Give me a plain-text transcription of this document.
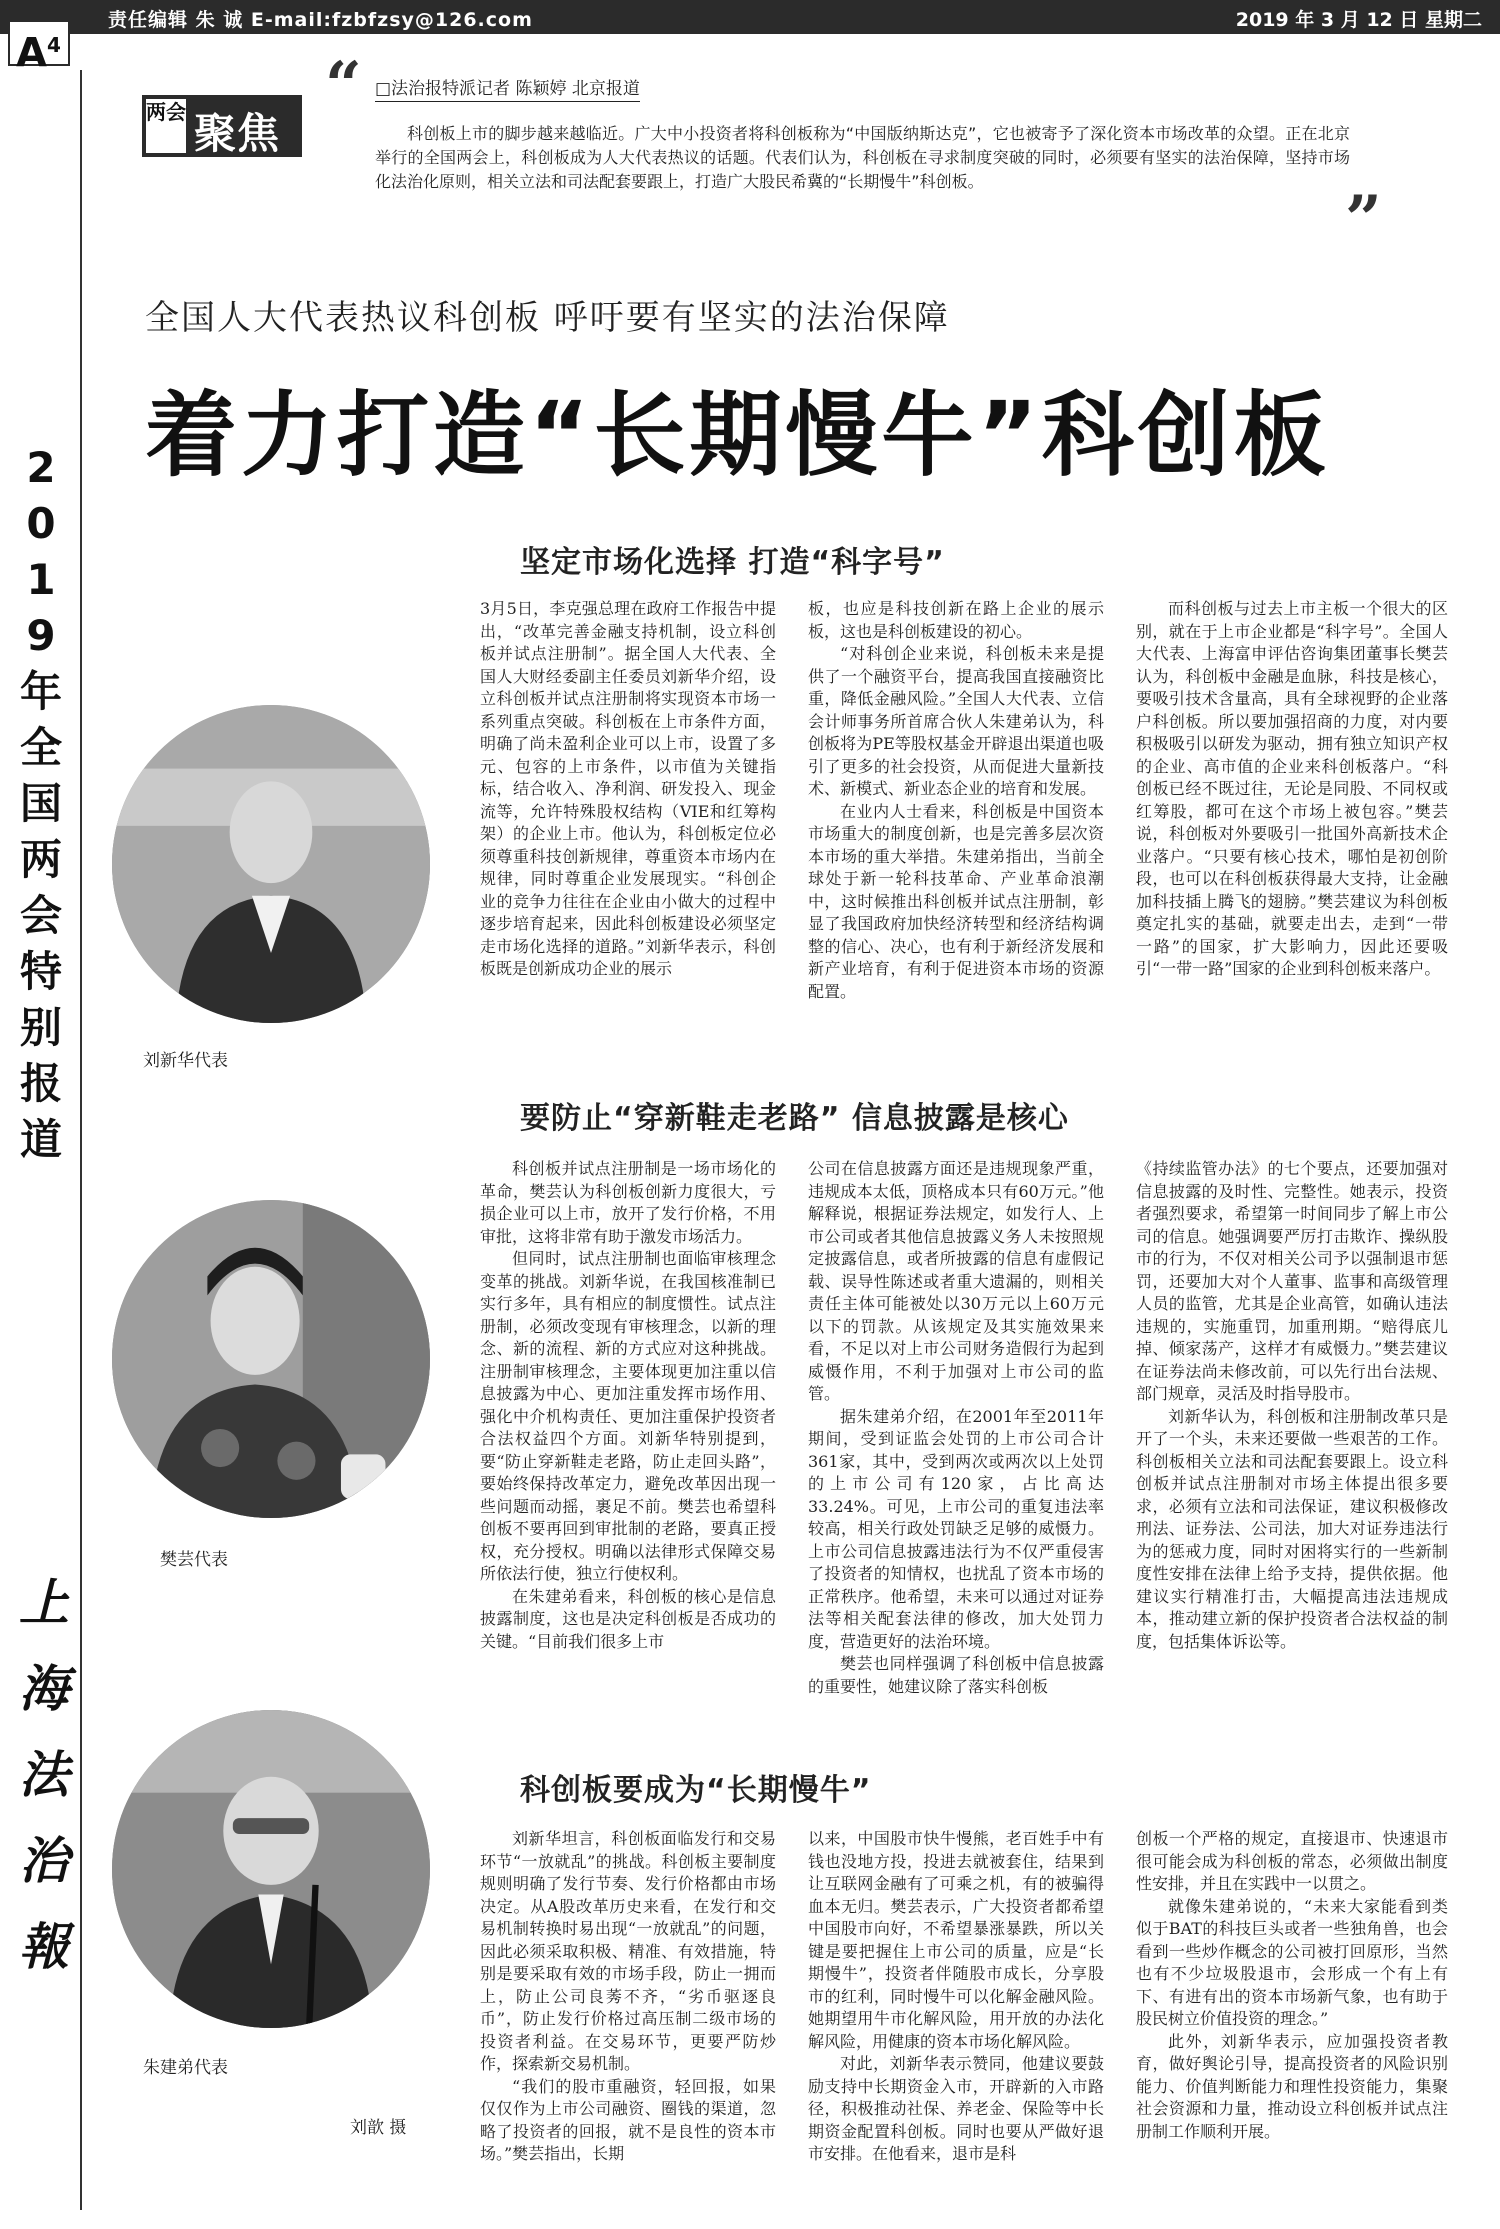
责任编辑 朱 诚 E-mail:fzbfzsy@126.com	2019 年 3 月 12 日 星期二
$A^4$
2
0
1
9
年
全
国
两
会
特
别
报
道
上
海
法
治
報
两会 聚焦
“
”
□法治报特派记者 陈颖婷 北京报道
科创板上市的脚步越来越临近。广大中小投资者将科创板称为“中国版纳斯达克”，它也被寄予了深化资本市场改革的众望。正在北京举行的全国两会上，科创板成为人大代表热议的话题。代表们认为，科创板在寻求制度突破的同时，必须要有坚实的法治保障，坚持市场化法治化原则，相关立法和司法配套要跟上，打造广大股民希冀的“长期慢牛”科创板。
全国人大代表热议科创板 呼吁要有坚实的法治保障
着力打造“长期慢牛”科创板
坚定市场化选择 打造“科字号”
刘新华代表

3月5日，李克强总理在政府工作报告中提出，“改革完善金融支持机制，设立科创板并试点注册制”。据全国人大代表、全国人大财经委副主任委员刘新华介绍，设立科创板并试点注册制将实现资本市场一系列重点突破。科创板在上市条件方面，明确了尚未盈利企业可以上市，设置了多元、包容的上市条件，以市值为关键指标，结合收入、净利润、研发投入、现金流等，允许特殊股权结构（VIE和红筹构架）的企业上市。他认为，科创板定位必须尊重科技创新规律，尊重资本市场内在规律，同时尊重企业发展现实。“科创企业的竞争力往往在企业由小做大的过程中逐步培育起来，因此科创板建设必须坚定走市场化选择的道路。”刘新华表示，科创板既是创新成功企业的展示

板，也应是科技创新在路上企业的展示板，这也是科创板建设的初心。

“对科创企业来说，科创板未来是提供了一个融资平台，提高我国直接融资比重，降低金融风险。”全国人大代表、立信会计师事务所首席合伙人朱建弟认为，科创板将为PE等股权基金开辟退出渠道也吸引了更多的社会投资，从而促进大量新技术、新模式、新业态企业的培育和发展。

在业内人士看来，科创板是中国资本市场重大的制度创新，也是完善多层次资本市场的重大举措。朱建弟指出，当前全球处于新一轮科技革命、产业革命浪潮中，这时候推出科创板并试点注册制，彰显了我国政府加快经济转型和经济结构调整的信心、决心，也有利于新经济发展和新产业培育，有利于促进资本市场的资源配置。

而科创板与过去上市主板一个很大的区别，就在于上市企业都是“科字号”。全国人大代表、上海富申评估咨询集团董事长樊芸认为，科创板中金融是血脉，科技是核心，要吸引技术含量高，具有全球视野的企业落户科创板。所以要加强招商的力度，对内要积极吸引以研发为驱动，拥有独立知识产权的企业、高市值的企业来科创板落户。“科创板已经不既过往，无论是同股、不同权或红筹股，都可在这个市场上被包容。”樊芸说，科创板对外要吸引一批国外高新技术企业落户。“只要有核心技术，哪怕是初创阶段，也可以在科创板获得最大支持，让金融加科技插上腾飞的翅膀。”樊芸建议为科创板奠定扎实的基础，就要走出去，走到“一带一路”的国家，扩大影响力，因此还要吸引“一带一路”国家的企业到科创板来落户。

要防止“穿新鞋走老路” 信息披露是核心
樊芸代表

科创板并试点注册制是一场市场化的革命，樊芸认为科创板创新力度很大，亏损企业可以上市，放开了发行价格，不用审批，这将非常有助于激发市场活力。

但同时，试点注册制也面临审核理念变革的挑战。刘新华说，在我国核准制已实行多年，具有相应的制度惯性。试点注册制，必须改变现有审核理念，以新的理念、新的流程、新的方式应对这种挑战。注册制审核理念，主要体现更加注重以信息披露为中心、更加注重发挥市场作用、强化中介机构责任、更加注重保护投资者合法权益四个方面。刘新华特别提到，要“防止穿新鞋走老路，防止走回头路”，要始终保持改革定力，避免改革因出现一些问题而动摇，裹足不前。樊芸也希望科创板不要再回到审批制的老路，要真正授权，充分授权。明确以法律形式保障交易所依法行使，独立行使权利。

在朱建弟看来，科创板的核心是信息披露制度，这也是决定科创板是否成功的关键。“目前我们很多上市

公司在信息披露方面还是违规现象严重，违规成本太低，顶格成本只有60万元。”他解释说，根据证券法规定，如发行人、上市公司或者其他信息披露义务人未按照规定披露信息，或者所披露的信息有虚假记载、误导性陈述或者重大遗漏的，则相关责任主体可能被处以30万元以上60万元以下的罚款。从该规定及其实施效果来看，不足以对上市公司财务造假行为起到威慑作用，不利于加强对上市公司的监管。

据朱建弟介绍，在2001年至2011年期间，受到证监会处罚的上市公司合计361家，其中，受到两次或两次以上处罚的上市公司有120家，占比高达33.24%。可见，上市公司的重复违法率较高，相关行政处罚缺乏足够的威慑力。上市公司信息披露违法行为不仅严重侵害了投资者的知情权，也扰乱了资本市场的正常秩序。他希望，未来可以通过对证券法等相关配套法律的修改，加大处罚力度，营造更好的法治环境。

樊芸也同样强调了科创板中信息披露的重要性，她建议除了落实科创板

《持续监管办法》的七个要点，还要加强对信息披露的及时性、完整性。她表示，投资者强烈要求，希望第一时间同步了解上市公司的信息。她强调要严厉打击欺诈、操纵股市的行为，不仅对相关公司予以强制退市惩罚，还要加大对个人董事、监事和高级管理人员的监管，尤其是企业高管，如确认违法违规的，实施重罚，加重刑期。“赔得底儿掉、倾家荡产，这样才有威慑力。”樊芸建议在证券法尚未修改前，可以先行出台法规、部门规章，灵活及时指导股市。

刘新华认为，科创板和注册制改革只是开了一个头，未来还要做一些艰苦的工作。科创板相关立法和司法配套要跟上。设立科创板并试点注册制对市场主体提出很多要求，必须有立法和司法保证，建议积极修改刑法、证券法、公司法，加大对证券违法行为的惩戒力度，同时对困将实行的一些新制度性安排在法律上给予支持，提供依据。他建议实行精准打击，大幅提高违法违规成本，推动建立新的保护投资者合法权益的制度，包括集体诉讼等。

科创板要成为“长期慢牛”
朱建弟代表
刘歆 摄

刘新华坦言，科创板面临发行和交易环节“一放就乱”的挑战。科创板主要制度规则明确了发行节奏、发行价格都由市场决定。从A股改革历史来看，在发行和交易机制转换时易出现“一放就乱”的问题，因此必须采取积极、精准、有效措施，特别是要采取有效的市场手段，防止一拥而上，防止公司良莠不齐，“劣币驱逐良币”，防止发行价格过高压制二级市场的投资者利益。在交易环节，更要严防炒作，探索新交易机制。

“我们的股市重融资，轻回报，如果仅仅作为上市公司融资、圈钱的渠道，忽略了投资者的回报，就不是良性的资本市场。”樊芸指出，长期

以来，中国股市快牛慢熊，老百姓手中有钱也没地方投，投进去就被套住，结果到让互联网金融有了可乘之机，有的被骗得血本无归。樊芸表示，广大投资者都希望中国股市向好，不希望暴涨暴跌，所以关键是要把握住上市公司的质量，应是“长期慢牛”，投资者伴随股市成长，分享股市的红利，同时慢牛可以化解金融风险。她期望用牛市化解风险，用开放的办法化解风险，用健康的资本市场化解风险。

对此，刘新华表示赞同，他建议要鼓励支持中长期资金入市，开辟新的入市路径，积极推动社保、养老金、保险等中长期资金配置科创板。同时也要从严做好退市安排。在他看来，退市是科

创板一个严格的规定，直接退市、快速退市很可能会成为科创板的常态，必须做出制度性安排，并且在实践中一以贯之。

就像朱建弟说的，“未来大家能看到类似于BAT的科技巨头或者一些独角兽，也会看到一些炒作概念的公司被打回原形，当然也有不少垃圾股退市，会形成一个有上有下、有进有出的资本市场新气象，也有助于股民树立价值投资的理念。”

此外，刘新华表示，应加强投资者教育，做好舆论引导，提高投资者的风险识别能力、价值判断能力和理性投资能力，集聚社会资源和力量，推动设立科创板并试点注册制工作顺利开展。
